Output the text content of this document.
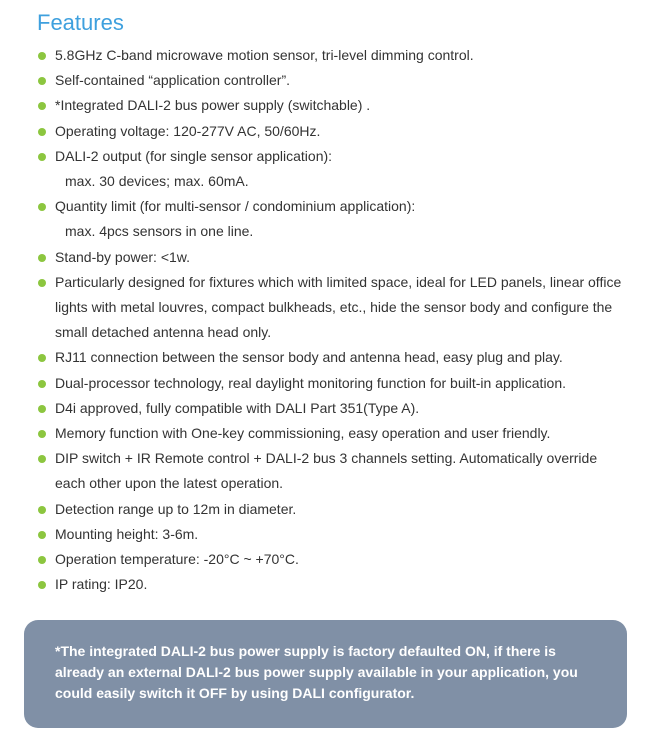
Features
5.8GHz C-band microwave motion sensor, tri-level dimming control.
Self-contained “application controller”.
*Integrated DALI-2 bus power supply (switchable) .
Operating voltage: 120-277V AC, 50/60Hz.
DALI-2 output (for single sensor application):
max. 30 devices; max. 60mA.
Quantity limit (for multi-sensor / condominium application):
max. 4pcs sensors in one line.
Stand-by power: <1w.
Particularly designed for fixtures which with limited space, ideal for LED panels, linear office lights with metal louvres, compact bulkheads, etc., hide the sensor body and configure the small detached antenna head only.
RJ11 connection between the sensor body and antenna head, easy plug and play.
Dual-processor technology, real daylight monitoring function for built-in application.
D4i approved, fully compatible with DALI Part 351(Type A).
Memory function with One-key commissioning, easy operation and user friendly.
DIP switch + IR Remote control + DALI-2 bus 3 channels setting. Automatically override each other upon the latest operation.
Detection range up to 12m in diameter.
Mounting height: 3-6m.
Operation temperature: -20°C ~ +70°C.
IP rating: IP20.
*The integrated DALI-2 bus power supply is factory defaulted ON, if there is already an external DALI-2 bus power supply available in your application, you could easily switch it OFF by using DALI configurator.
